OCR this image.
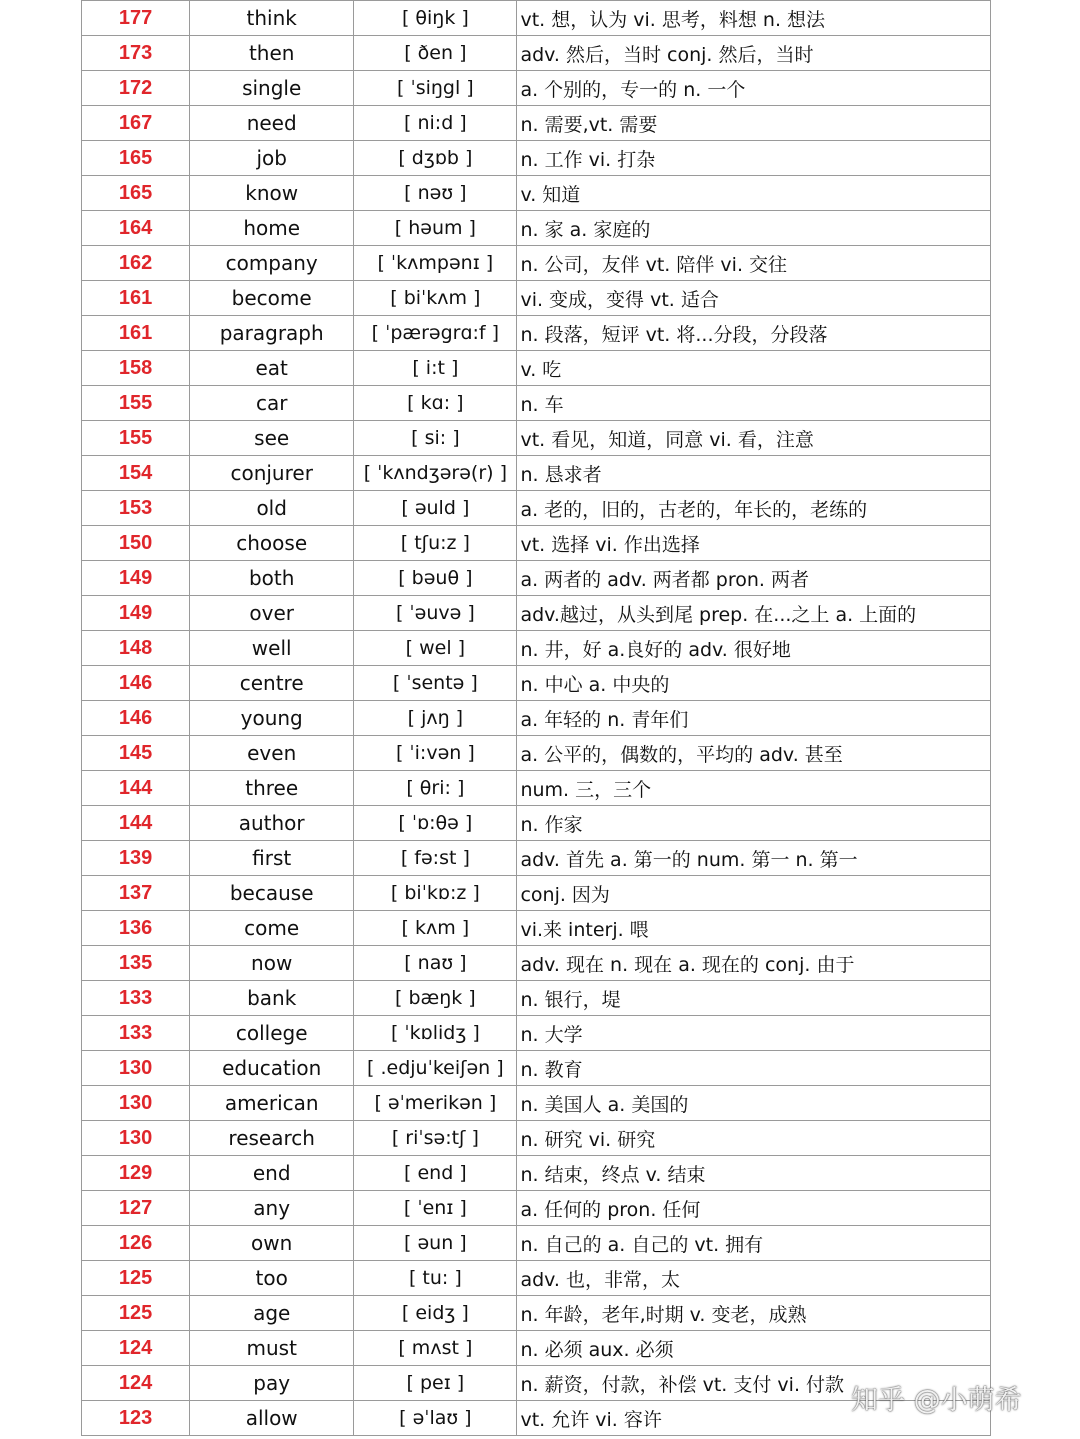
177	think	[ θiŋk ]	vt. 想，认为 vi. 思考，料想 n. 想法
173	then	[ ðen ]	adv. 然后，当时 conj. 然后，当时
172	single	[ ˈsiŋgl ]	a. 个别的，专一的 n. 一个
167	need	[ ni:d ]	n. 需要,vt. 需要
165	job	[ dʒɒb ]	n. 工作 vi. 打杂
165	know	[ nəʊ ]	v. 知道
164	home	[ həum ]	n. 家 a. 家庭的
162	company	[ ˈkʌmpənɪ ]	n. 公司，友伴 vt. 陪伴 vi. 交往
161	become	[ biˈkʌm ]	vi. 变成，变得 vt. 适合
161	paragraph	[ ˈpærəgrɑ:f ]	n. 段落，短评 vt. 将...分段，分段落
158	eat	[ i:t ]	v. 吃
155	car	[ kɑ: ]	n. 车
155	see	[ si: ]	vt. 看见，知道，同意 vi. 看，注意
154	conjurer	[ ˈkʌndʒərə(r) ]	n. 恳求者
153	old	[ əuld ]	a. 老的，旧的，古老的，年长的，老练的
150	choose	[ tʃu:z ]	vt. 选择 vi. 作出选择
149	both	[ bəuθ ]	a. 两者的 adv. 两者都 pron. 两者
149	over	[ ˈəuvə ]	adv.越过，从头到尾 prep. 在...之上 a. 上面的
148	well	[ wel ]	n. 井，好 a.良好的 adv. 很好地
146	centre	[ ˈsentə ]	n. 中心 a. 中央的
146	young	[ jʌŋ ]	a. 年轻的 n. 青年们
145	even	[ ˈi:vən ]	a. 公平的，偶数的，平均的 adv. 甚至
144	three	[ θri: ]	num. 三，三个
144	author	[ ˈɒ:θə ]	n. 作家
139	first	[ fə:st ]	adv. 首先 a. 第一的 num. 第一 n. 第一
137	because	[ biˈkɒ:z ]	conj. 因为
136	come	[ kʌm ]	vi.来 interj. 喂
135	now	[ naʊ ]	adv. 现在 n. 现在 a. 现在的 conj. 由于
133	bank	[ bæŋk ]	n. 银行，堤
133	college	[ ˈkɒlidʒ ]	n. 大学
130	education	[ .edjuˈkeiʃən ]	n. 教育
130	american	[ əˈmerikən ]	n. 美国人 a. 美国的
130	research	[ riˈsə:tʃ ]	n. 研究 vi. 研究
129	end	[ end ]	n. 结束，终点 v. 结束
127	any	[ ˈenɪ ]	a. 任何的 pron. 任何
126	own	[ əun ]	n. 自己的 a. 自己的 vt. 拥有
125	too	[ tu: ]	adv. 也，非常，太
125	age	[ eidʒ ]	n. 年龄，老年,时期 v. 变老，成熟
124	must	[ mʌst ]	n. 必须 aux. 必须
124	pay	[ peɪ ]	n. 薪资，付款，补偿 vt. 支付 vi. 付款
123	allow	[ əˈlaʊ ]	vt. 允许 vi. 容许
知乎 @小萌希
